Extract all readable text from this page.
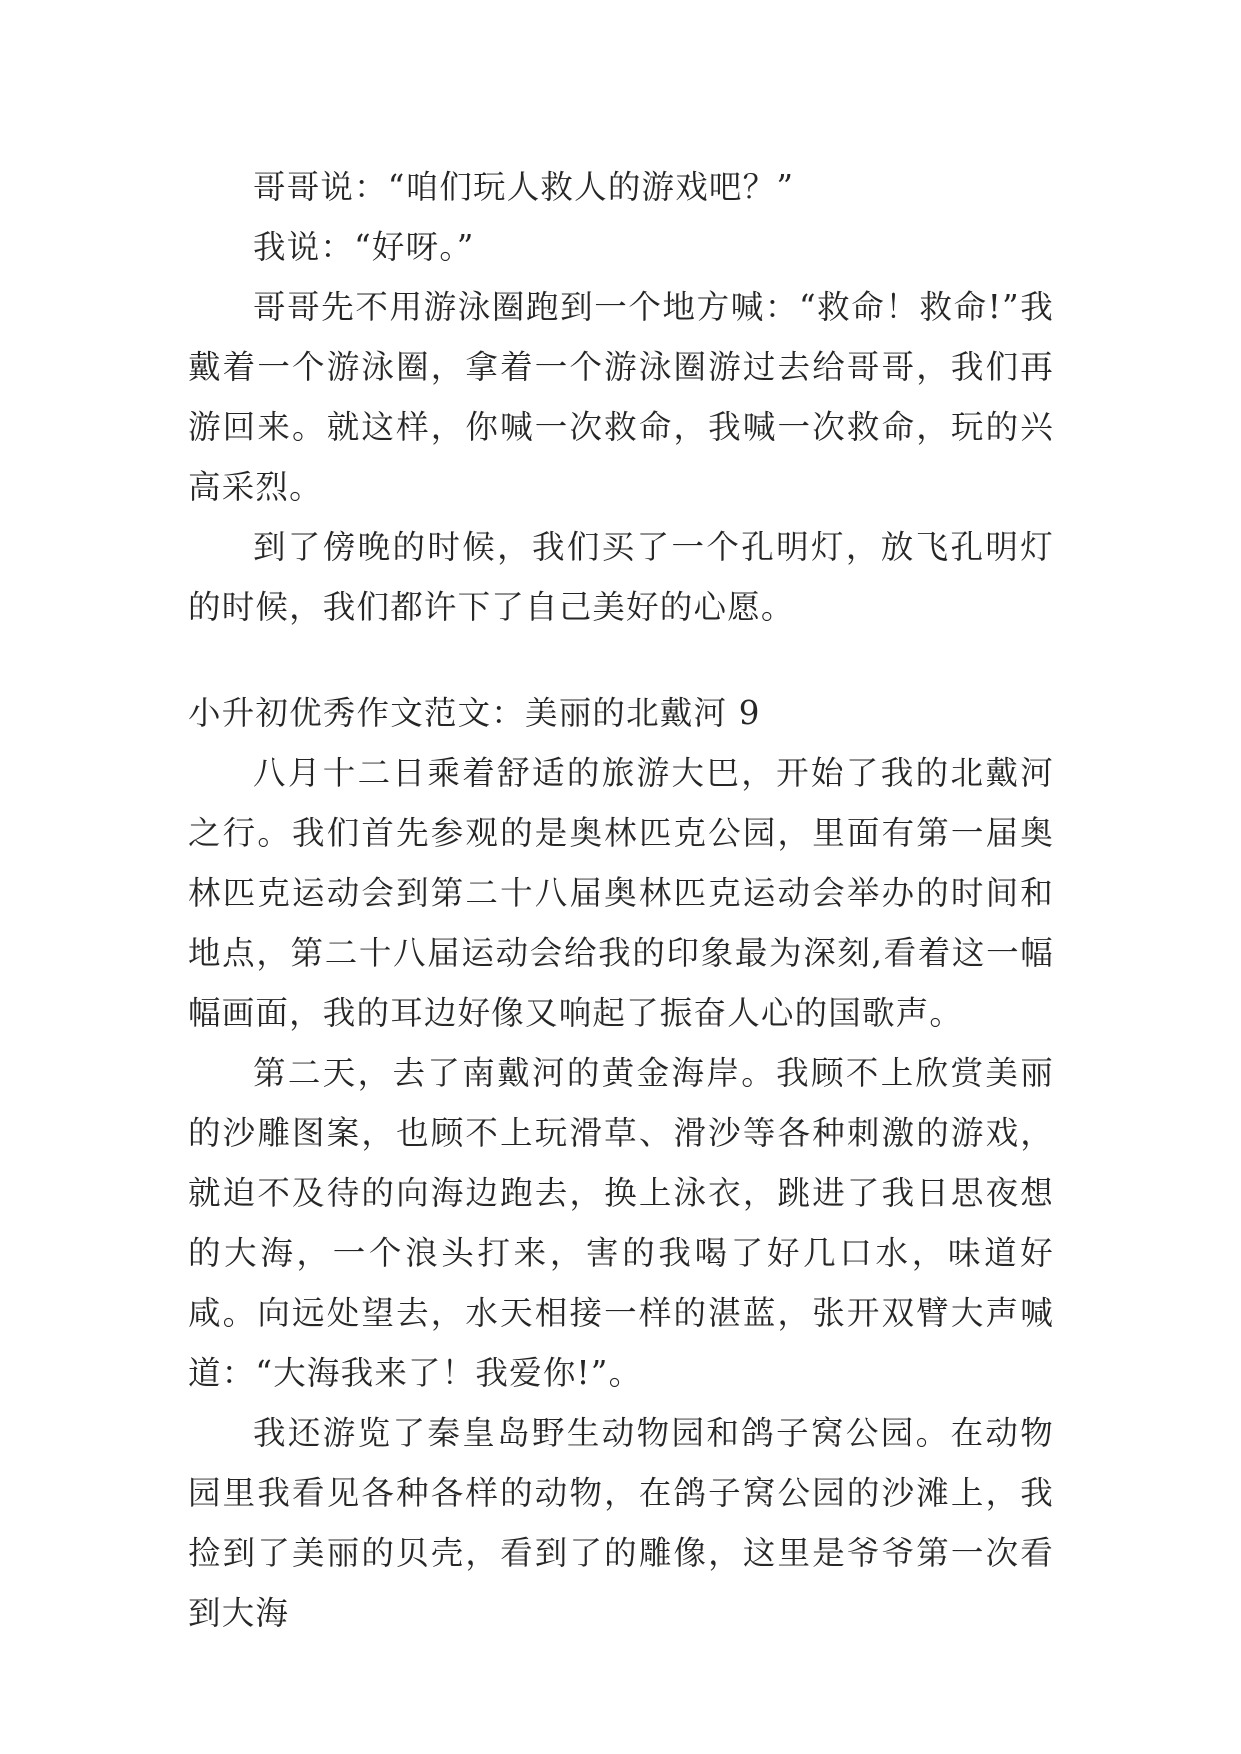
哥哥说：“咱们玩人救人的游戏吧？”

我说：“好呀。”

哥哥先不用游泳圈跑到一个地方喊：“救命！救命!”我戴着一个游泳圈，拿着一个游泳圈游过去给哥哥，我们再游回来。就这样，你喊一次救命，我喊一次救命，玩的兴高采烈。

到了傍晚的时候，我们买了一个孔明灯，放飞孔明灯的时候，我们都许下了自己美好的心愿。

小升初优秀作文范文：美丽的北戴河 9

八月十二日乘着舒适的旅游大巴，开始了我的北戴河之行。我们首先参观的是奥林匹克公园，里面有第一届奥林匹克运动会到第二十八届奥林匹克运动会举办的时间和地点，第二十八届运动会给我的印象最为深刻,看着这一幅幅画面，我的耳边好像又响起了振奋人心的国歌声。

第二天，去了南戴河的黄金海岸。我顾不上欣赏美丽的沙雕图案，也顾不上玩滑草、滑沙等各种刺激的游戏，就迫不及待的向海边跑去，换上泳衣，跳进了我日思夜想的大海，一个浪头打来，害的我喝了好几口水，味道好咸。向远处望去，水天相接一样的湛蓝，张开双臂大声喊道：“大海我来了！我爱你!”。

我还游览了秦皇岛野生动物园和鸽子窝公园。在动物园里我看见各种各样的动物，在鸽子窝公园的沙滩上，我捡到了美丽的贝壳，看到了的雕像，这里是爷爷第一次看到大海
